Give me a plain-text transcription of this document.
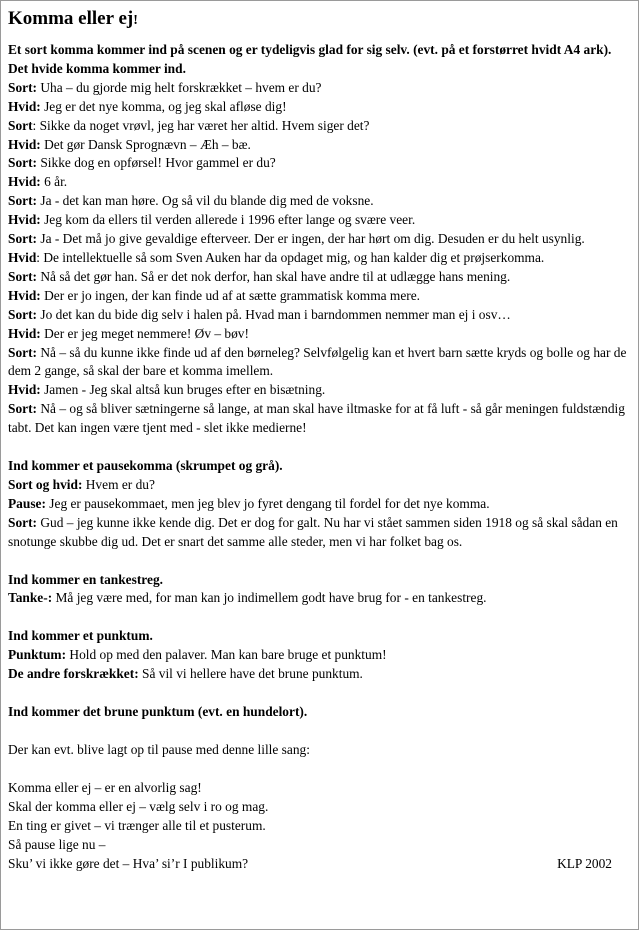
Komma eller ej!

Et sort komma kommer ind på scenen og er tydeligvis glad for sig selv. (evt. på et forstørret hvidt A4 ark).

Det hvide komma kommer ind.

Sort: Uha – du gjorde mig helt forskrækket – hvem er du?

Hvid: Jeg er det nye komma, og jeg skal afløse dig!

Sort: Sikke da noget vrøvl, jeg har været her altid. Hvem siger det?

Hvid: Det gør Dansk Sprognævn – Æh – bæ.

Sort: Sikke dog en opførsel! Hvor gammel er du?

Hvid: 6 år.

Sort: Ja - det kan man høre. Og så vil du blande dig med de voksne.

Hvid: Jeg kom da ellers til verden allerede i 1996 efter lange og svære veer.

Sort: Ja - Det må jo give gevaldige efterveer. Der er ingen, der har hørt om dig. Desuden er du helt usynlig.

Hvid: De intellektuelle så som Sven Auken har da opdaget mig, og han kalder dig et prøjserkomma.

Sort: Nå så det gør han. Så er det nok derfor, han skal have andre til at udlægge hans mening.

Hvid: Der er jo ingen, der kan finde ud af at sætte grammatisk komma mere.

Sort: Jo det kan du bide dig selv i halen på. Hvad man i barndommen nemmer man ej i osv…

Hvid: Der er jeg meget nemmere! Øv – bøv!

Sort: Nå – så du kunne ikke finde ud af den børneleg? Selvfølgelig kan et hvert barn sætte kryds og bolle og har de dem 2 gange, så skal der bare et komma imellem.

Hvid: Jamen - Jeg skal altså kun bruges efter en bisætning.

Sort: Nå – og så bliver sætningerne så lange, at man skal have iltmaske for at få luft - så går meningen fuldstændig tabt. Det kan ingen være tjent med - slet ikke medierne!

Ind kommer et pausekomma (skrumpet og grå).

Sort og hvid: Hvem er du?

Pause: Jeg er pausekommaet, men jeg blev jo fyret dengang til fordel for det nye komma.

Sort: Gud – jeg kunne ikke kende dig. Det er dog for galt. Nu har vi stået sammen siden 1918 og så skal sådan en snotunge skubbe dig ud. Det er snart det samme alle steder, men vi har folket bag os.

Ind kommer en tankestreg.

Tanke-: Må jeg være med, for man kan jo indimellem godt have brug for - en tankestreg.

Ind kommer et punktum.

Punktum: Hold op med den palaver. Man kan bare bruge et punktum!

De andre forskrækket: Så vil vi hellere have det brune punktum.

Ind kommer det brune punktum (evt. en hundelort).

Der kan evt. blive lagt op til pause med denne lille sang:

Komma eller ej – er en alvorlig sag!

Skal der komma eller ej – vælg selv i ro og mag.

En ting er givet – vi trænger alle til et pusterum.

Så pause lige nu –

Sku’ vi ikke gøre det – Hva’ si’r I publikum?	KLP 2002
